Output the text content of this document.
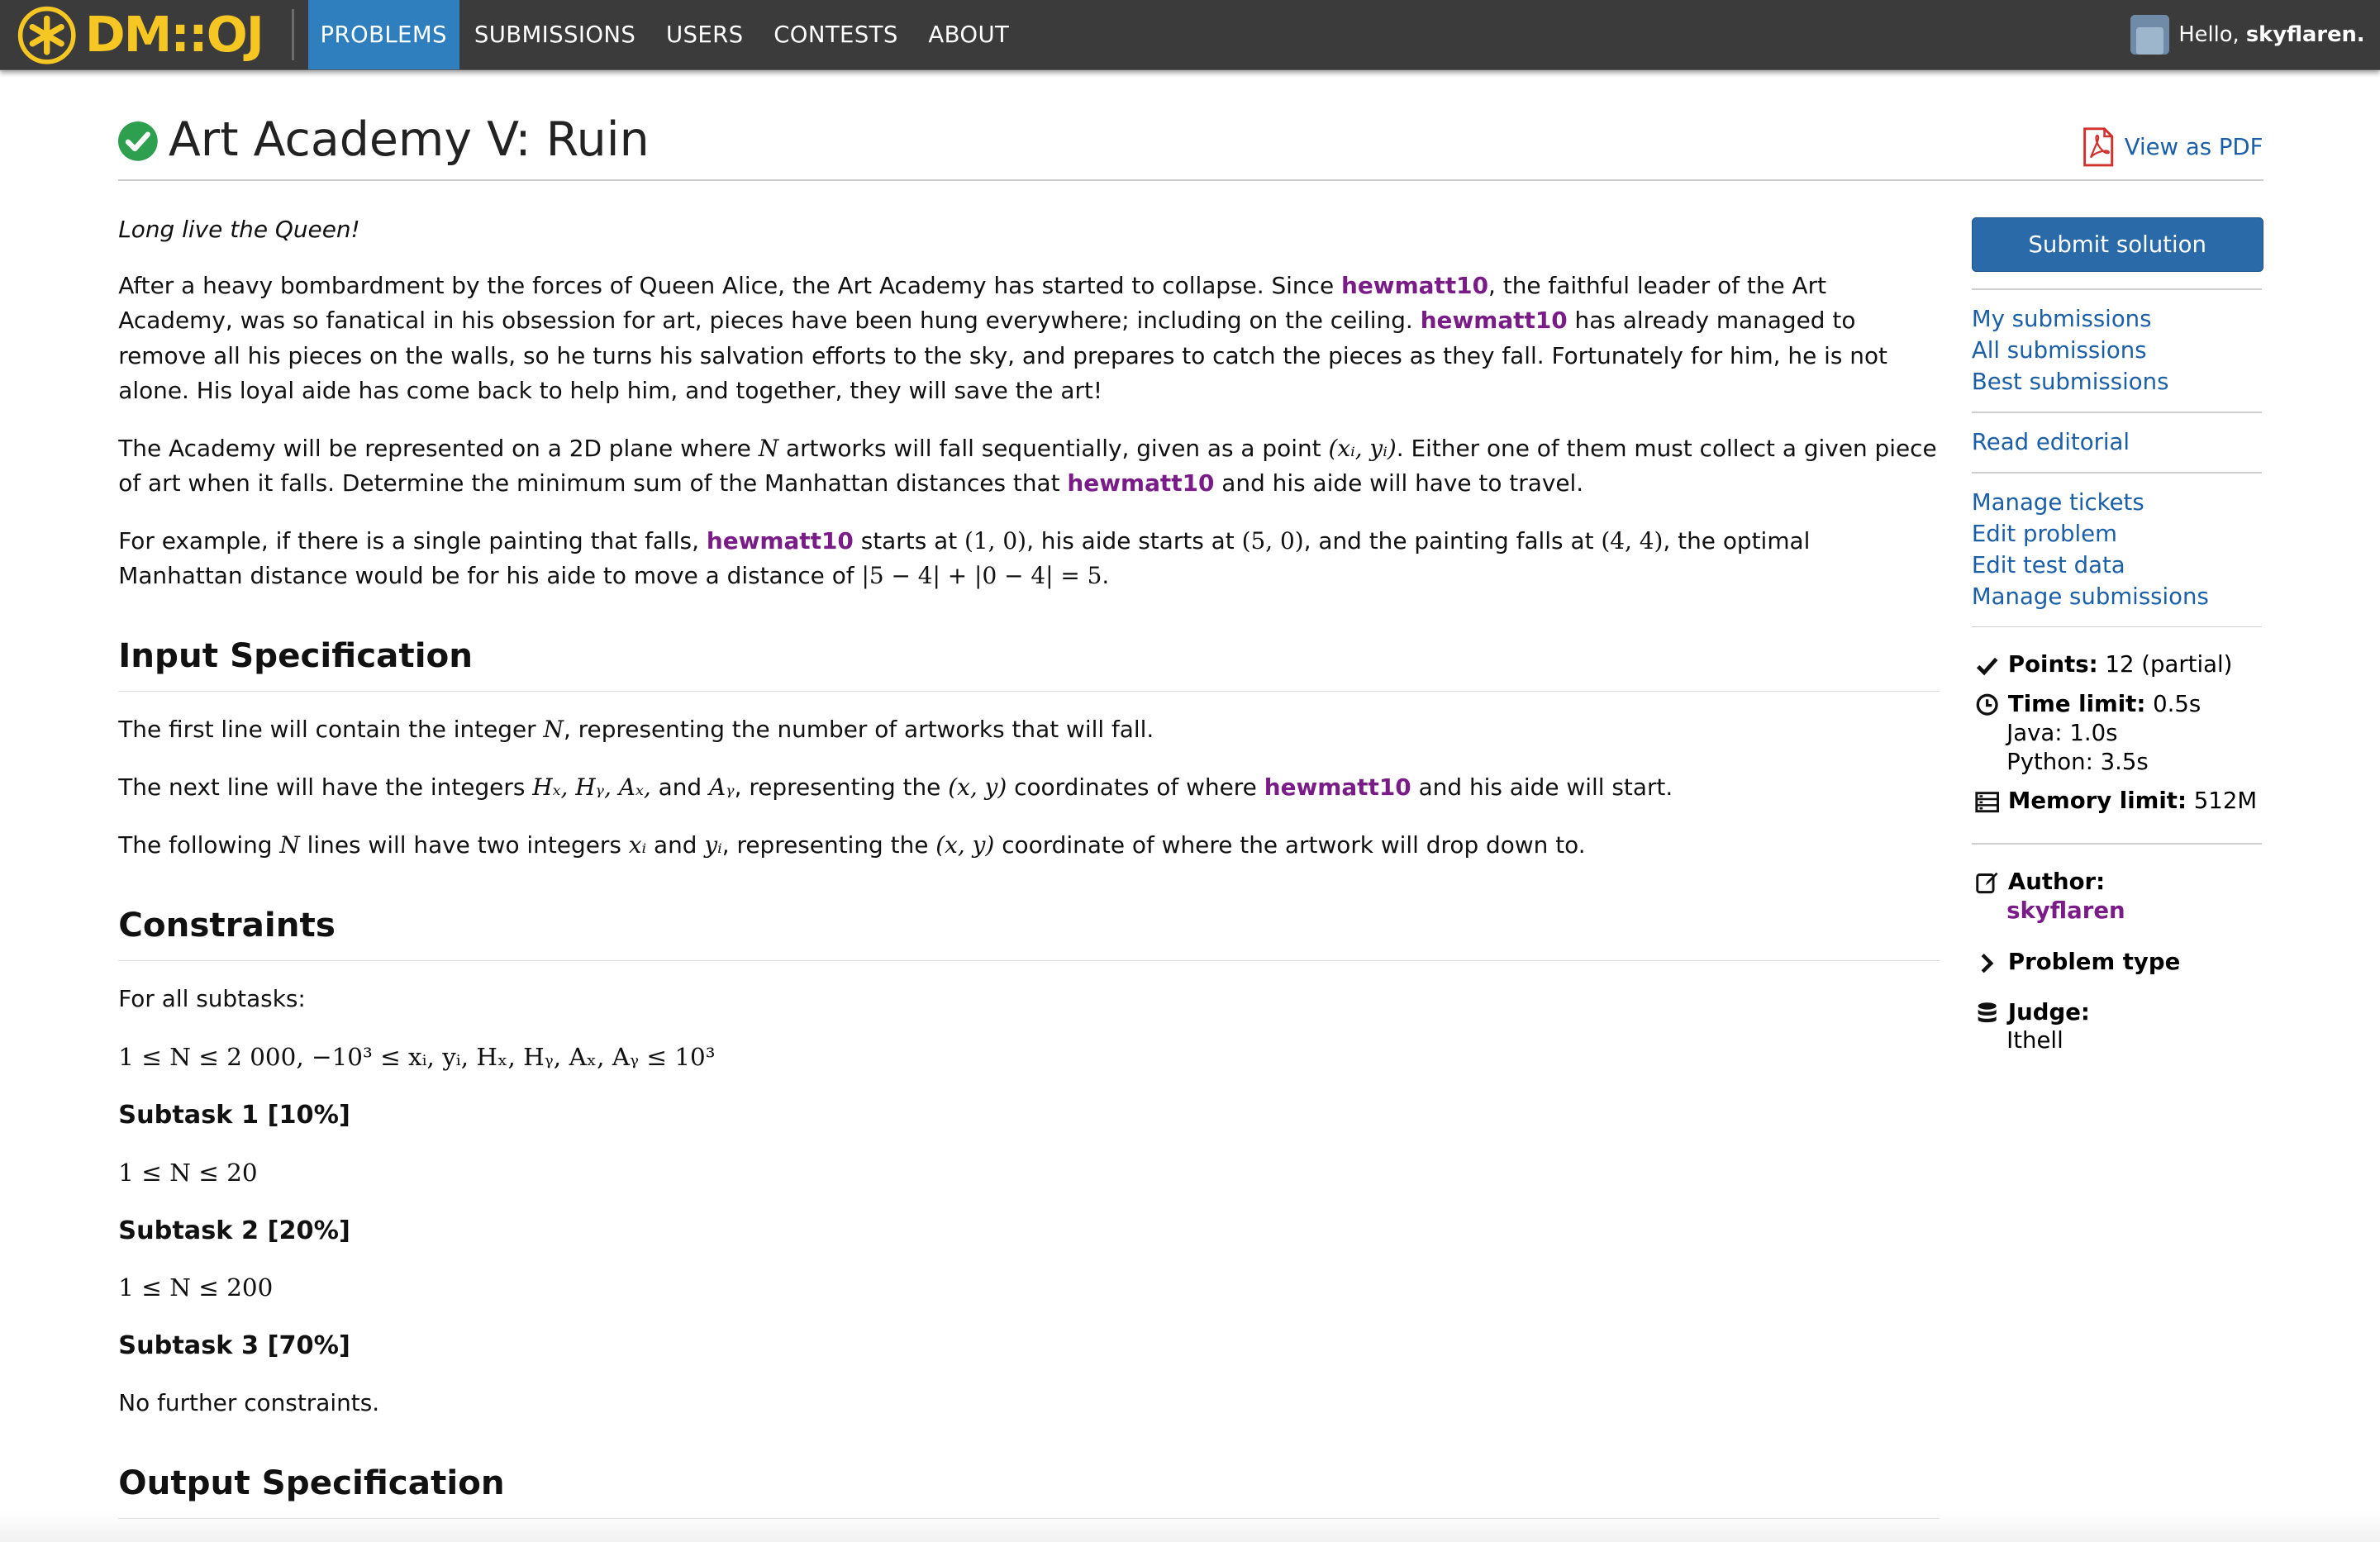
DM::OJ	PROBLEMS	SUBMISSIONS	USERS	CONTESTS	ABOUT	Hello,
skyflaren.
Art Academy V: Ruin	View as PDF

Long live the Queen!

After a heavy bombardment by the forces of Queen Alice, the Art Academy has started to collapse. Since hewmatt10, the faithful leader of the Art Academy, was so fanatical in his obsession for art, pieces have been hung everywhere; including on the ceiling. hewmatt10 has already managed to remove all his pieces on the walls, so he turns his salvation efforts to the sky, and prepares to catch the pieces as they fall. Fortunately for him, he is not alone. His loyal aide has come back to help him, and together, they will save the art!

The Academy will be represented on a 2D plane where N artworks will fall sequentially, given as a point (xᵢ, yᵢ). Either one of them must collect a given piece of art when it falls. Determine the minimum sum of the Manhattan distances that hewmatt10 and his aide will have to travel.

For example, if there is a single painting that falls, hewmatt10 starts at (1, 0), his aide starts at (5, 0), and the painting falls at (4, 4), the optimal Manhattan distance would be for his aide to move a distance of |5 − 4| + |0 − 4| = 5.

Input Specification

The first line will contain the integer N, representing the number of artworks that will fall.

The next line will have the integers Hₓ, Hᵧ, Aₓ, and Aᵧ, representing the (x, y) coordinates of where hewmatt10 and his aide will start.

The following N lines will have two integers xᵢ and yᵢ, representing the (x, y) coordinate of where the artwork will drop down to.

Constraints

For all subtasks:

1 ≤ N ≤ 2 000, −10³ ≤ xᵢ, yᵢ, Hₓ, Hᵧ, Aₓ, Aᵧ ≤ 10³

Subtask 1 [10%]

1 ≤ N ≤ 20

Subtask 2 [20%]

1 ≤ N ≤ 200

Subtask 3 [70%]

No further constraints.

Output Specification
Submit solution
My submissions
All submissions
Best submissions
Read editorial
Manage tickets
Edit problem
Edit test data
Manage submissions
Points: 12 (partial)
Time limit: 0.5s
Java: 1.0s
Python: 3.5s
Memory limit: 512M
Author:
skyflaren
Problem type
Judge:
Ithell
